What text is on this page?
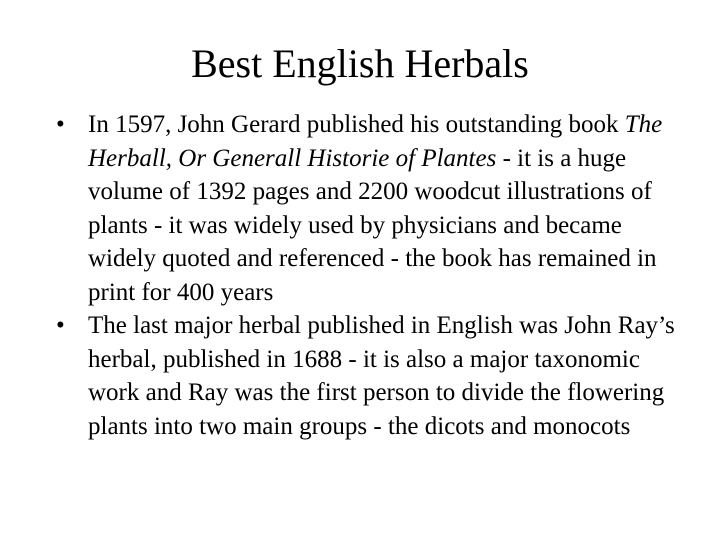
Best English Herbals
• In 1597, John Gerard published his outstanding book The Herball, Or Generall Historie of Plantes - it is a huge volume of 1392 pages and 2200 woodcut illustrations of plants - it was widely used by physicians and became widely quoted and referenced - the book has remained in print for 400 years
• The last major herbal published in English was John Ray’s herbal, published in 1688 - it is also a major taxonomic work and Ray was the first person to divide the flowering plants into two main groups - the dicots and monocots
